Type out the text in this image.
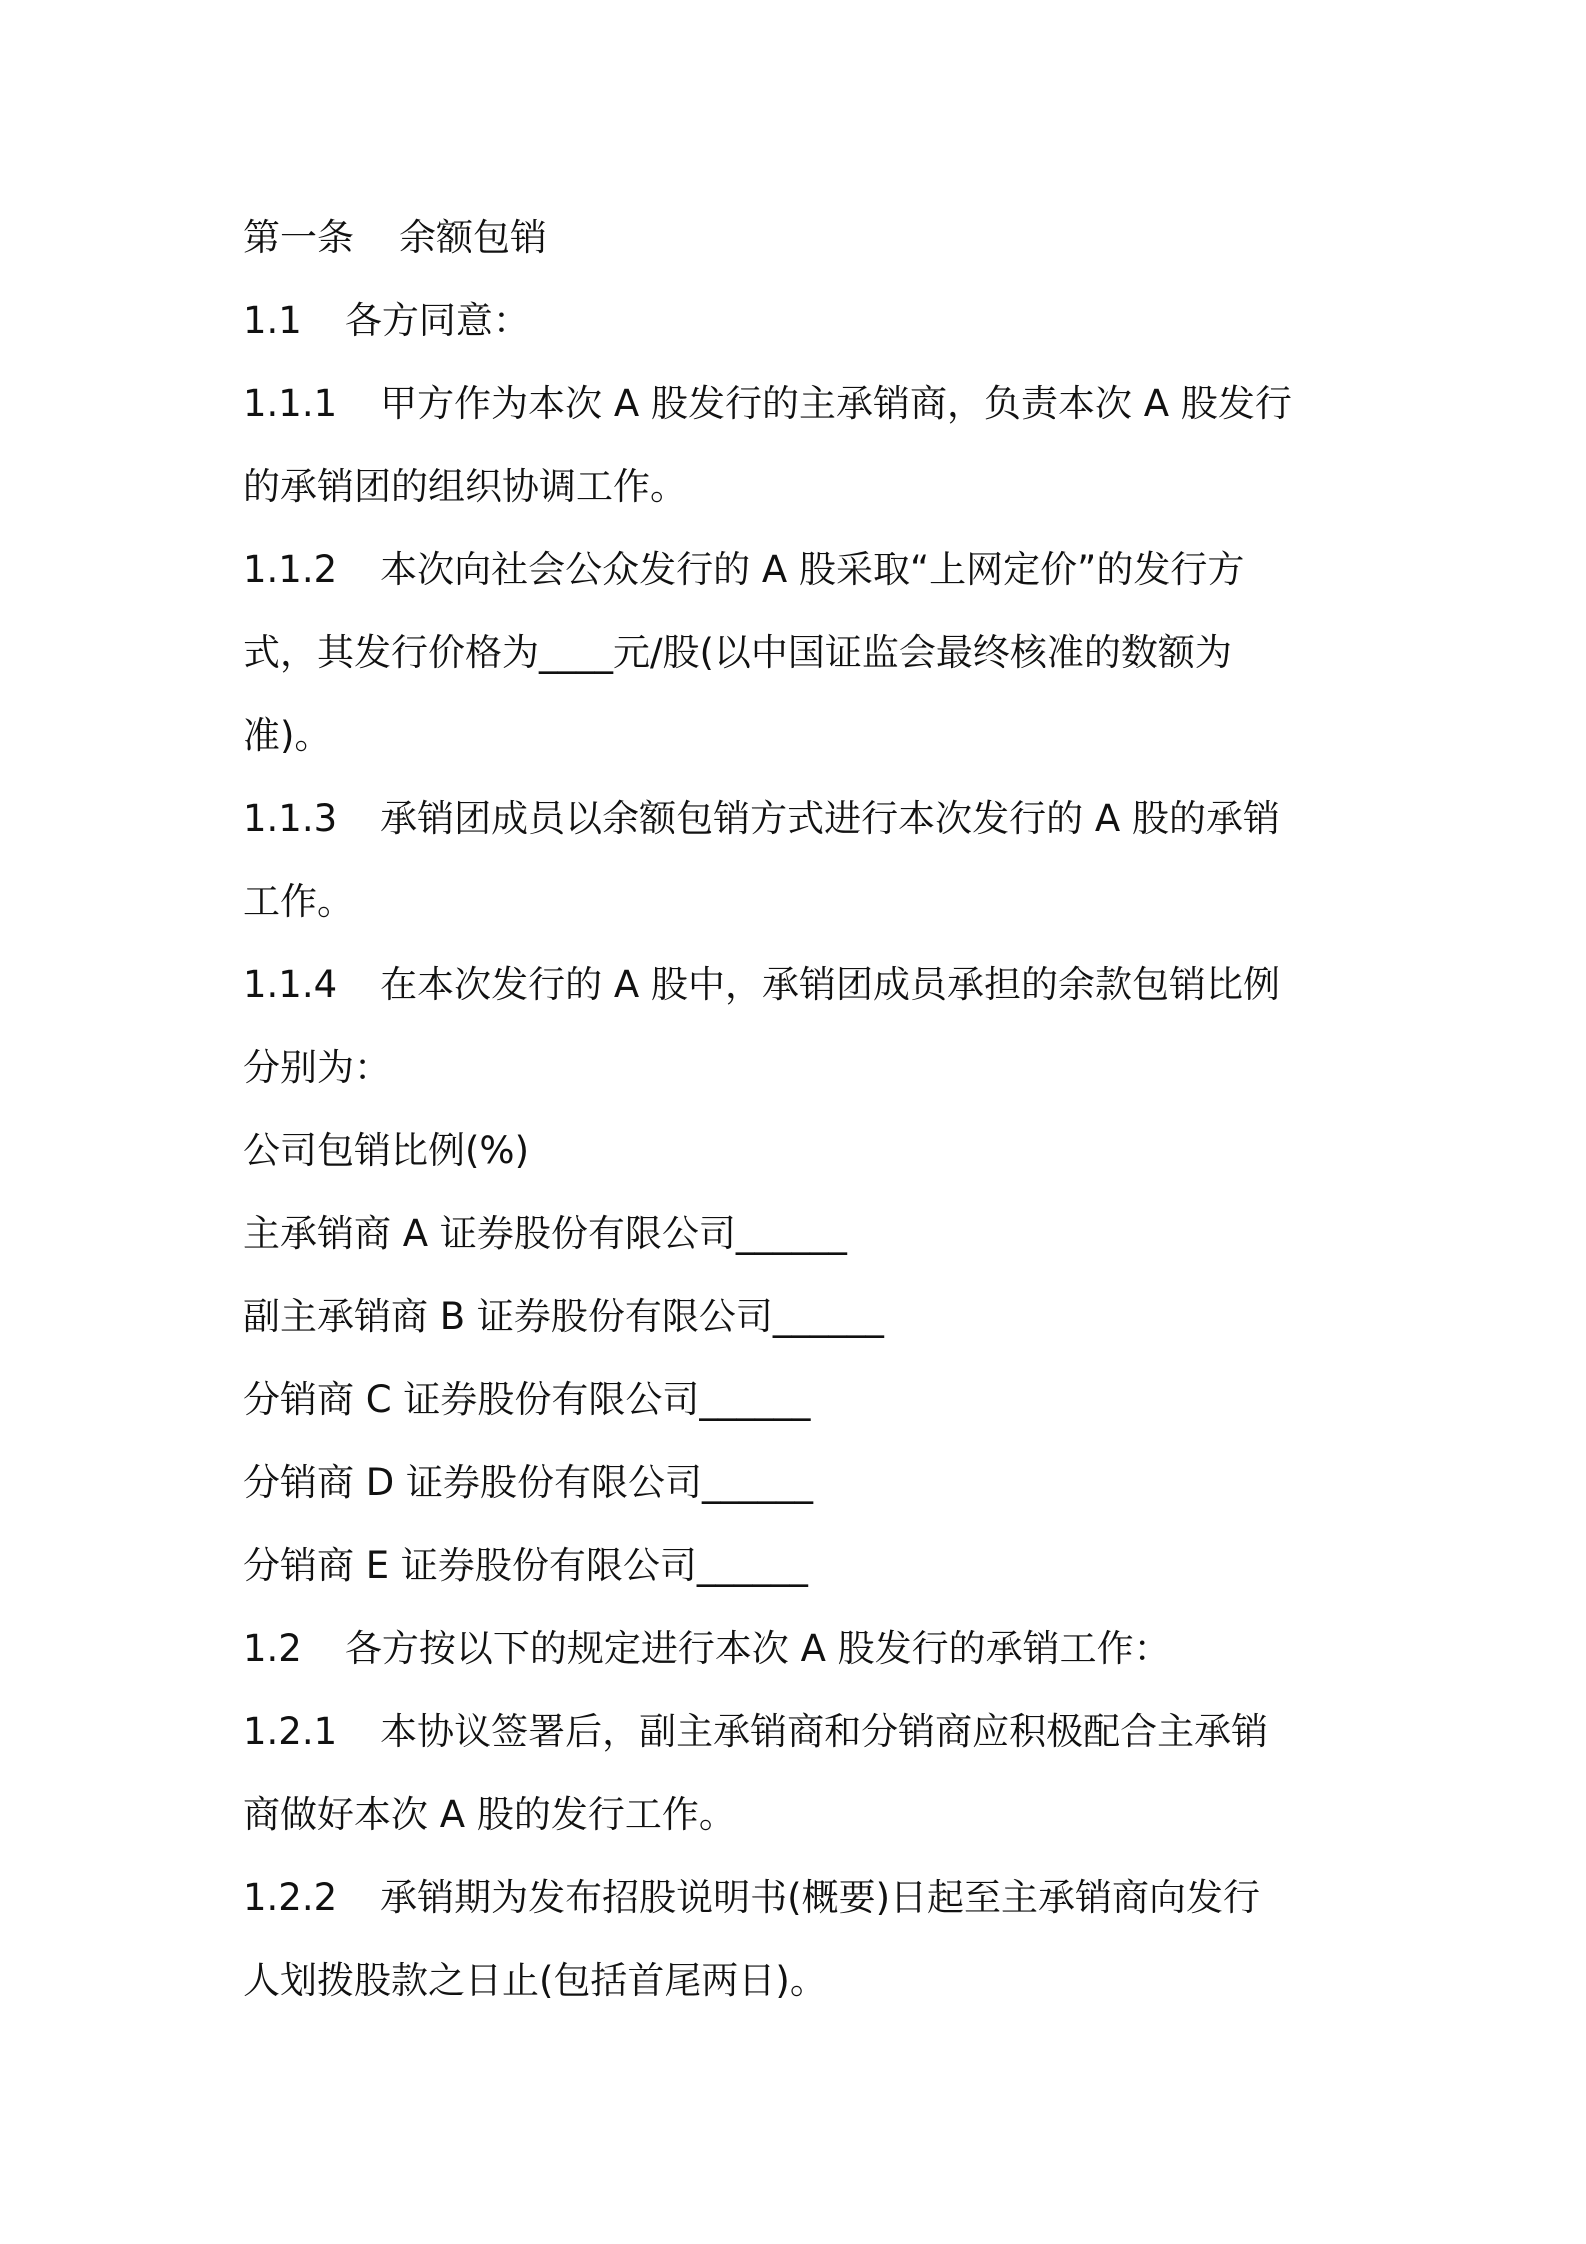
第一条 余额包销
1.1 各方同意：
1.1.1 甲方作为本次 A 股发行的主承销商，负责本次 A 股发行
的承销团的组织协调工作。
1.1.2 本次向社会公众发行的 A 股采取“上网定价”的发行方
式，其发行价格为____元/股(以中国证监会最终核准的数额为
准)。
1.1.3 承销团成员以余额包销方式进行本次发行的 A 股的承销
工作。
1.1.4 在本次发行的 A 股中，承销团成员承担的余款包销比例
分别为：
公司包销比例(%)
主承销商 A 证券股份有限公司______
副主承销商 B 证券股份有限公司______
分销商 C 证券股份有限公司______
分销商 D 证券股份有限公司______
分销商 E 证券股份有限公司______
1.2 各方按以下的规定进行本次 A 股发行的承销工作：
1.2.1 本协议签署后，副主承销商和分销商应积极配合主承销
商做好本次 A 股的发行工作。
1.2.2 承销期为发布招股说明书(概要)日起至主承销商向发行
人划拨股款之日止(包括首尾两日)。
